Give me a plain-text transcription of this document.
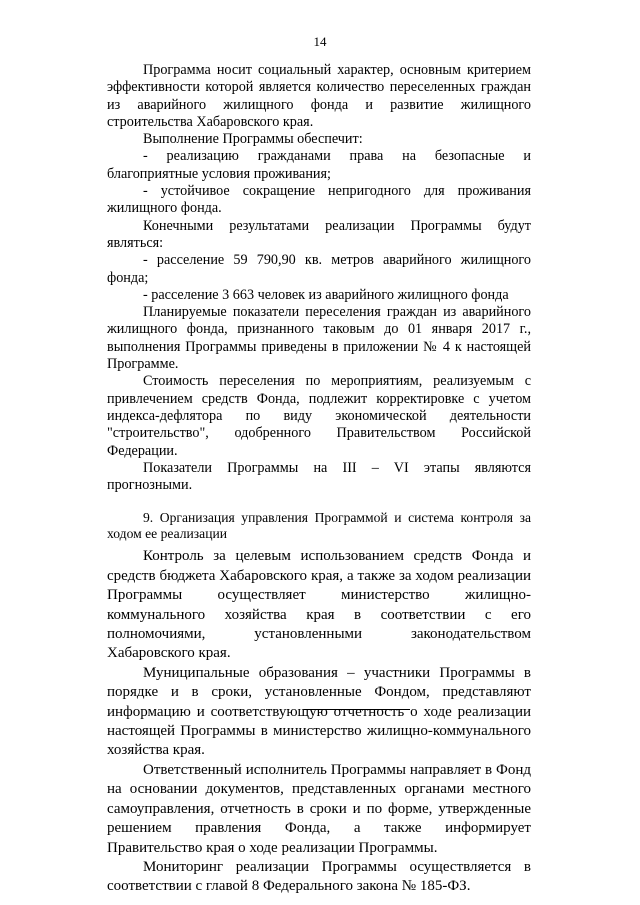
14

Программа носит социальный характер, основным критерием эффективности которой является количество переселенных граждан из аварийного жилищного фонда и развитие жилищного строительства Хабаровского края.

Выполнение Программы обеспечит:

- реализацию гражданами права на безопасные и благоприятные условия проживания;

- устойчивое сокращение непригодного для проживания жилищного фонда.

Конечными результатами реализации Программы будут являться:

- расселение 59 790,90 кв. метров аварийного жилищного фонда;

- расселение 3 663 человек из аварийного жилищного фонда

Планируемые показатели переселения граждан из аварийного жилищного фонда, признанного таковым до 01 января 2017 г., выполнения Программы приведены в приложении № 4 к настоящей Программе.

Стоимость переселения по мероприятиям, реализуемым с привлечением средств Фонда, подлежит корректировке с учетом индекса-дефлятора по виду экономической деятельности "строительство", одобренного Правительством Российской Федерации.

Показатели Программы на III – VI этапы являются прогнозными.

9. Организация управления Программой и система контроля за ходом ее реализации

Контроль за целевым использованием средств Фонда и средств бюджета Хабаровского края, а также за ходом реализации Программы осуществляет министерство жилищно-коммунального хозяйства края в соответствии с его полномочиями, установленными законодательством Хабаровского края.

Муниципальные образования – участники Программы в порядке и в сроки, установленные Фондом, представляют информацию и соответствующую отчетность о ходе реализации настоящей Программы в министерство жилищно-коммунального хозяйства края.

Ответственный исполнитель Программы направляет в Фонд на основании документов, представленных органами местного самоуправления, отчетность в сроки и по форме, утвержденные решением правления Фонда, а также информирует Правительство края о ходе реализации Программы.

Мониторинг реализации Программы осуществляется в соответствии с главой 8 Федерального закона № 185-ФЗ.
